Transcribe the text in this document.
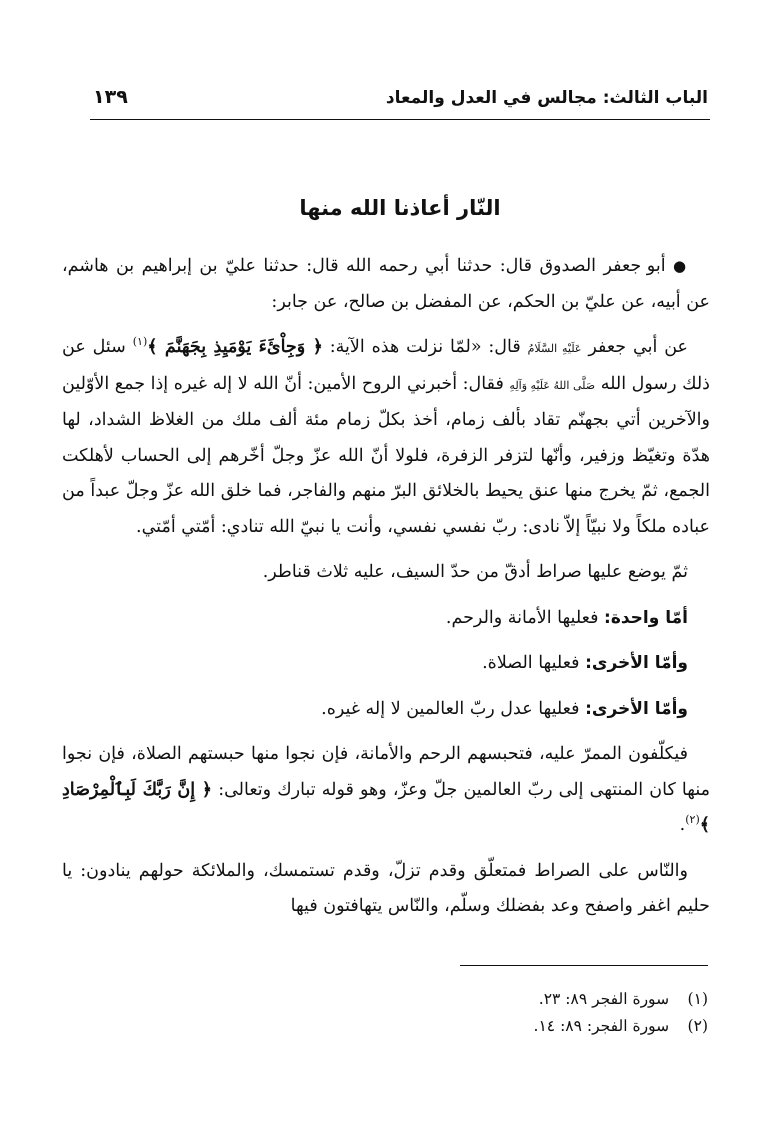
الباب الثالث: مجالس في العدل والمعاد
١٣٩
النّار أعاذنا الله منها

● أبو جعفر الصدوق قال: حدثنا أبي رحمه الله قال: حدثنا عليّ بن إبراهيم بن هاشم، عن أبيه، عن عليّ بن الحكم، عن المفضل بن صالح، عن جابر:

عن أبي جعفر عَلَيْهِ السَّلَامُ قال: «لمّا نزلت هذه الآية: ﴿ وَجِاْئَءَ يَوْمَيِذِ بِجَهَنَّمَ ﴾$^{(١)}$ سئل عن ذلك رسول الله صَلَّى اللهُ عَلَيْهِ وَآلِهِ فقال: أخبرني الروح الأمين: أنّ الله لا إله غيره إذا جمع الأوّلين والآخرين أتي بجهنّم تقاد بألف زمام، أخذ بكلّ زمام مئة ألف ملك من الغلاظ الشداد، لها هدّة وتغيّظ وزفير، وأنّها لتزفر الزفرة، فلولا أنّ الله عزّ وجلّ أخّرهم إلى الحساب لأهلكت الجمع، ثمّ يخرج منها عنق يحيط بالخلائق البرّ منهم والفاجر، فما خلق الله عزّ وجلّ عبداً من عباده ملكاً ولا نبيّاً إلاّ نادى: ربّ نفسي نفسي، وأنت يا نبيّ الله تنادي: أمّتي أمّتي.

ثمّ يوضع عليها صراط أدقّ من حدّ السيف، عليه ثلاث قناطر.

أمّا واحدة: فعليها الأمانة والرحم.

وأمّا الأخرى: فعليها الصلاة.

وأمّا الأخرى: فعليها عدل ربّ العالمين لا إله غيره.

فيكلّفون الممرّ عليه، فتحبسهم الرحم والأمانة، فإن نجوا منها حبستهم الصلاة، فإن نجوا منها كان المنتهى إلى ربّ العالمين جلّ وعزّ، وهو قوله تبارك وتعالى: ﴿ إِنَّ رَبَّكَ لَبِٱلْمِرْصَادِ ﴾$^{(٢)}$.

والنّاس على الصراط فمتعلّق وقدم تزلّ، وقدم تستمسك، والملائكة حولهم ينادون: يا حليم اغفر واصفح وعد بفضلك وسلّم، والنّاس يتهافتون فيها

(١) سورة الفجر ٨٩: ٢٣.
(٢) سورة الفجر: ٨٩: ١٤.
